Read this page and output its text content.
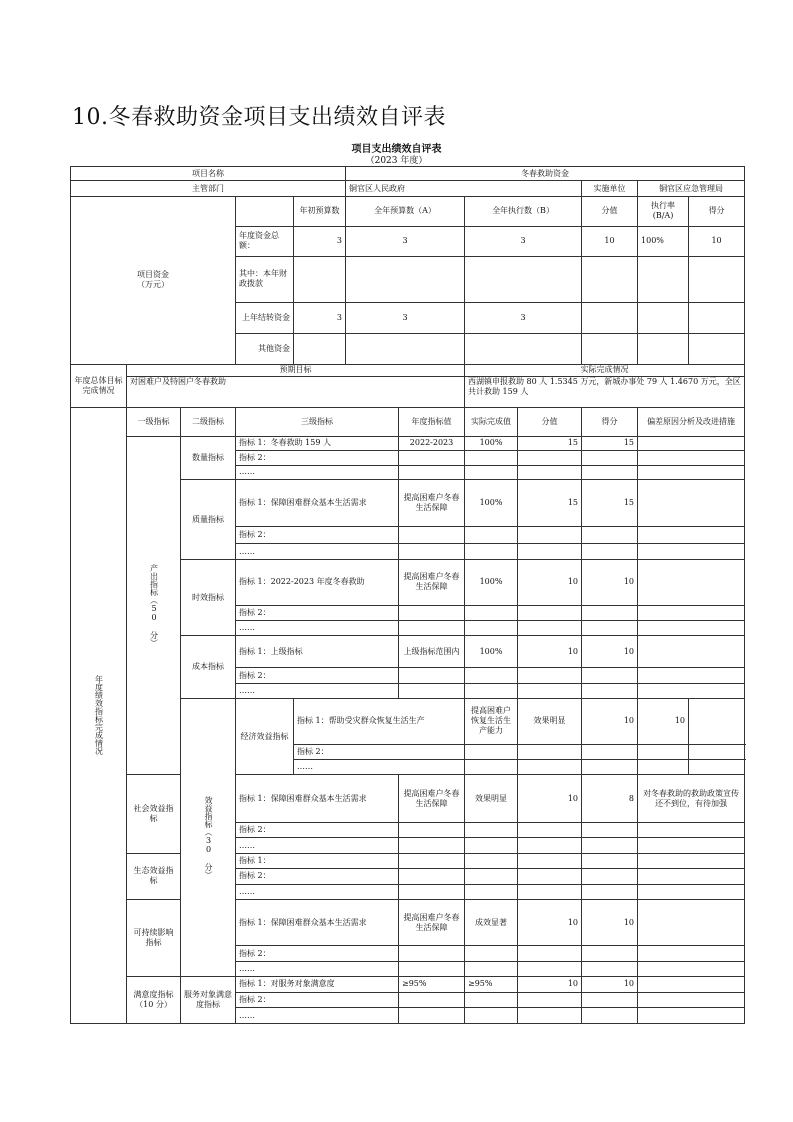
10.冬春救助资金项目支出绩效自评表
项目支出绩效自评表
（2023 年度）
项目名称					冬春救助资金						
主管部门					铜官区人民政府				实施单位	铜官区应急管理局	
项目资金
（万元）				年初预算数	全年预算数（A）		全年执行数（B）		分值	执行率(B/A)	得分
			年度资金总额：	3	3		3		10	100%	10
			其中：本年财政拨款								
			上年结转资金	3	3		3				
			其他资金								
年度总体目标完成情况	预期目标						实际完成情况				
	对困难户及特困户冬春救助						西湖镇申报救助 80 人 1.5345 万元，新城办事处 79 人 1.4670 万元，全区共计救助 159 人				

年度绩效指标完成情况	一级指标	二级指标	三级指标			年度指标值	实际完成值	分值	得分	偏差原因分析及改进措施	

	产出指标（50 分）	数量指标	指标 1：冬春救助 159 人			2022-2023	100%	15	15		
			指标 2：								
			……								
		质量指标	指标 1：保障困难群众基本生活需求			提高困难户冬春生活保障	100%	15	15		
			指标 2：								
			……								
		时效指标	指标 1：2022-2023 年度冬春救助			提高困难户冬春生活保障	100%	10	10		
			指标 2：								
			……								
		成本指标	指标 1：上级指标			上级指标范围内	100%	10	10		
			指标 2：								
			……								

		效益指标（30 分）	经济效益指标	指标 1：帮助受灾群众恢复生活生产			提高困难户恢复生活生产能力	效果明显	10	10	
				指标 2：							
				……							
	社会效益指标		指标 1：保障困难群众基本生活需求			提高困难户冬春生活保障	效果明显	10	8	对冬春救助的救助政策宣传还不到位，有待加强	
			指标 2：								
			……								
	生态效益指标		指标 1：								
			指标 2：								
			……								
	可持续影响指标		指标 1：保障困难群众基本生活需求			提高困难户冬春生活保障	成效显著	10	10		
			指标 2：								
			……								
	满意度指标（10 分）	服务对象满意度指标	指标 1：对服务对象满意度			≥95%	≥95%	10	10		
			指标 2：								
			……								
